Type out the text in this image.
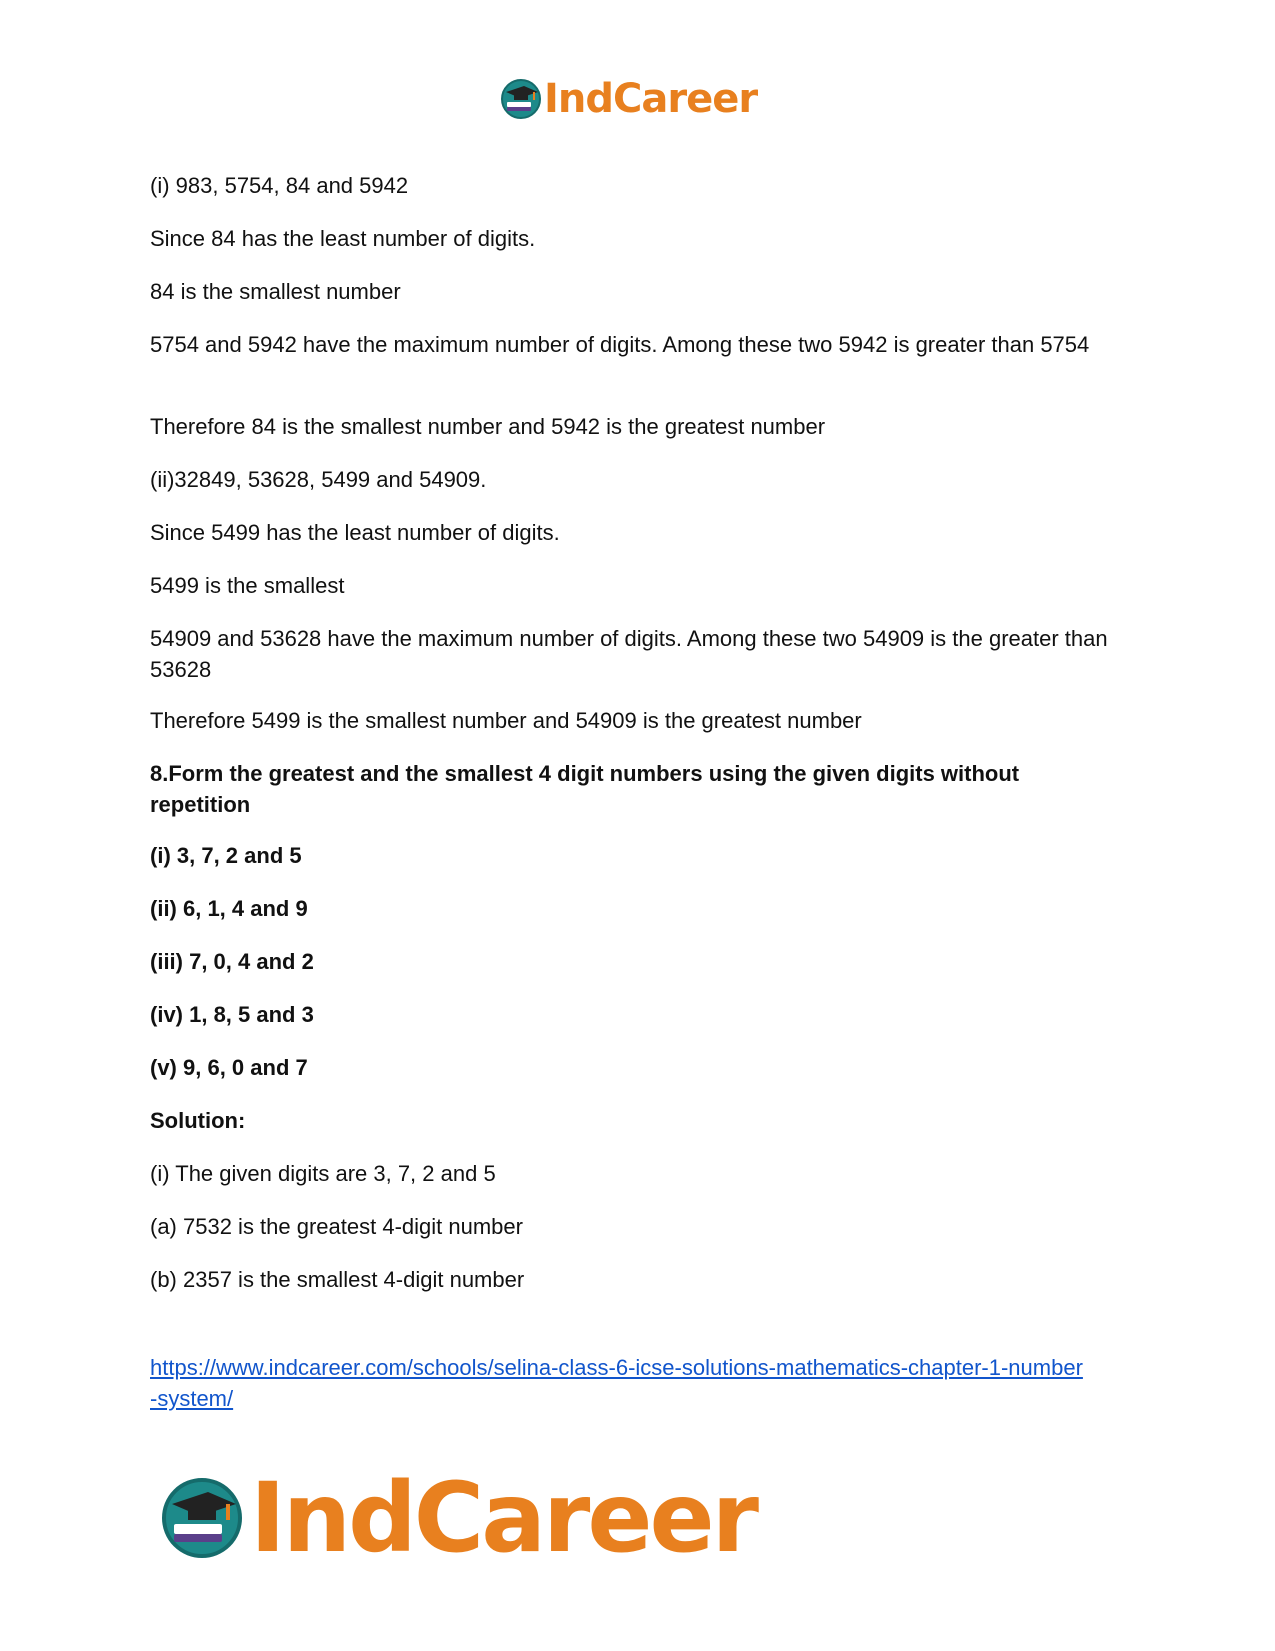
IndCareer

(i) 983, 5754, 84 and 5942

Since 84 has the least number of digits.

84 is the smallest number

5754 and 5942 have the maximum number of digits. Among these two 5942 is greater than 5754

Therefore 84 is the smallest number and 5942 is the greatest number

(ii)32849, 53628, 5499 and 54909.

Since 5499 has the least number of digits.

5499 is the smallest

54909 and 53628 have the maximum number of digits. Among these two 54909 is the greater than 53628

Therefore 5499 is the smallest number and 54909 is the greatest number

8.Form the greatest and the smallest 4 digit numbers using the given digits without repetition

(i) 3, 7, 2 and 5

(ii) 6, 1, 4 and 9

(iii) 7, 0, 4 and 2

(iv) 1, 8, 5 and 3

(v) 9, 6, 0 and 7

Solution:

(i) The given digits are 3, 7, 2 and 5

(a) 7532 is the greatest 4-digit number

(b) 2357 is the smallest 4-digit number

https://www.indcareer.com/schools/selina-class-6-icse-solutions-mathematics-chapter-1-number
-system/
IndCareer
